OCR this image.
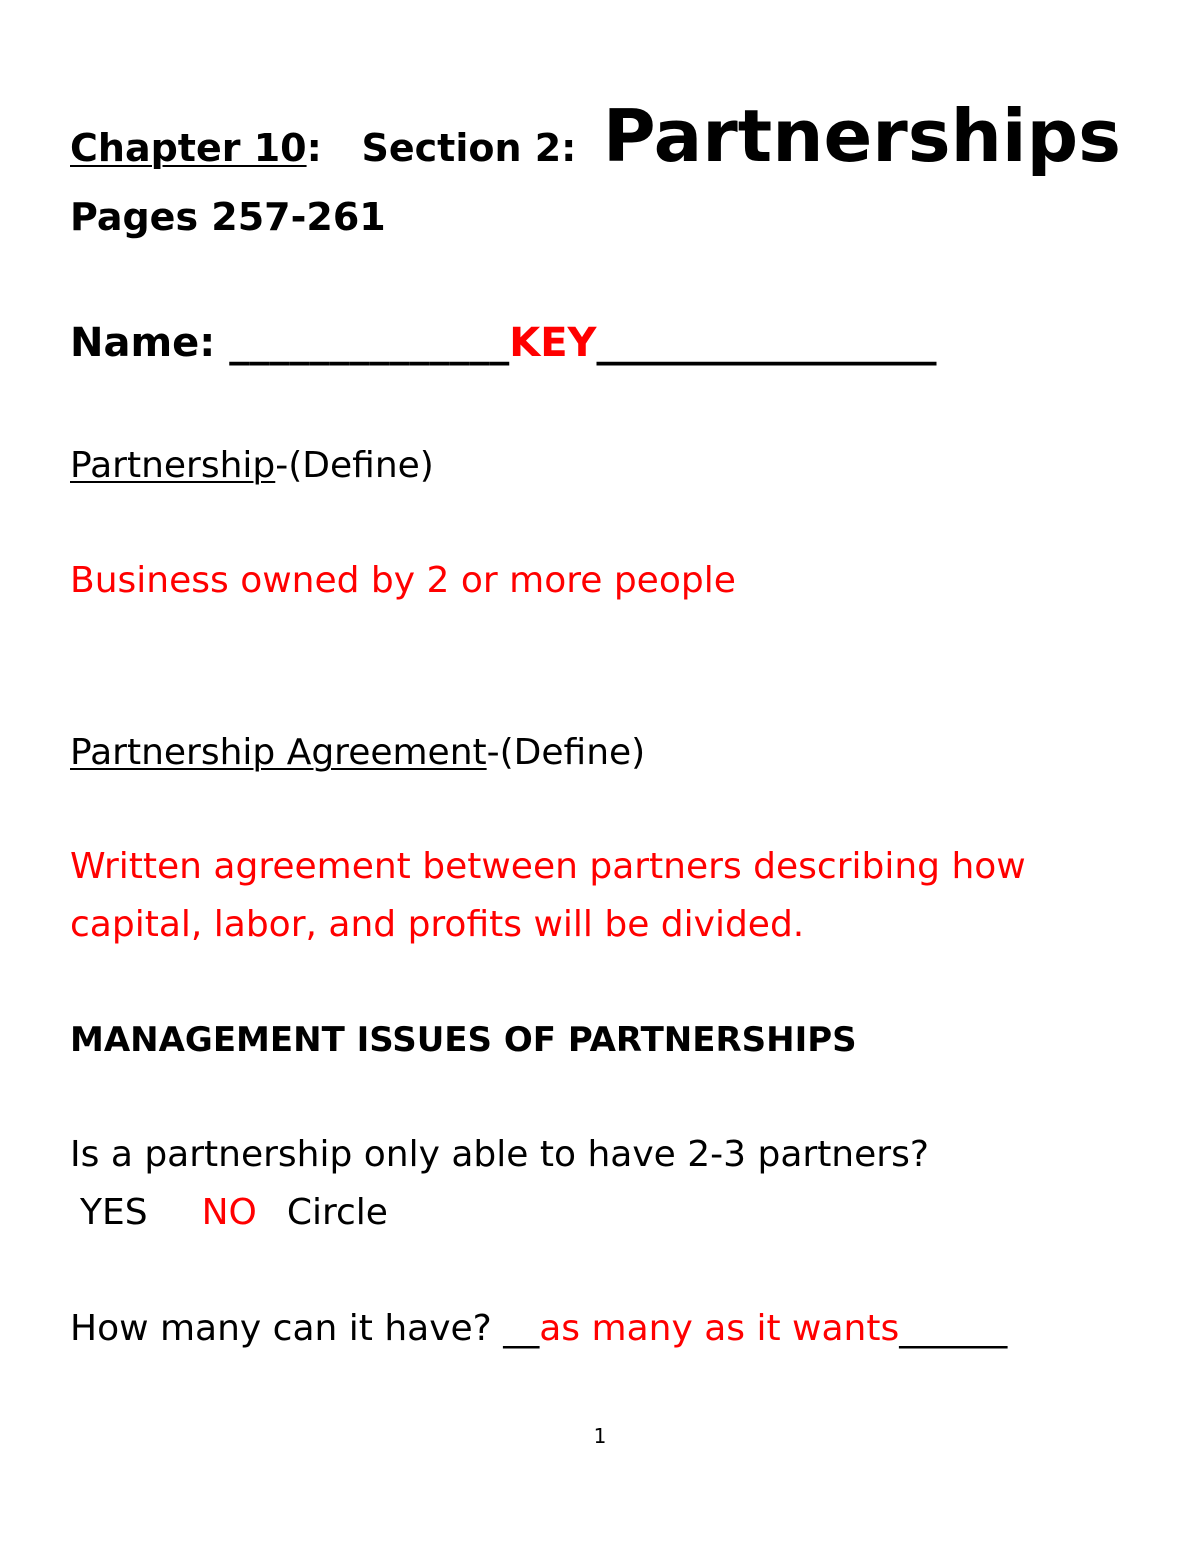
Chapter 10: Section 2: Partnerships
Pages 257-261
Name: ______________KEY_________________
Partnership-(Define)
Business owned by 2 or more people
Partnership Agreement-(Define)
Written agreement between partners describing how
capital, labor, and profits will be divided.
MANAGEMENT ISSUES OF PARTNERSHIPS
Is a partnership only able to have 2-3 partners?
YES NO Circle
How many can it have? __as many as it wants______
1
